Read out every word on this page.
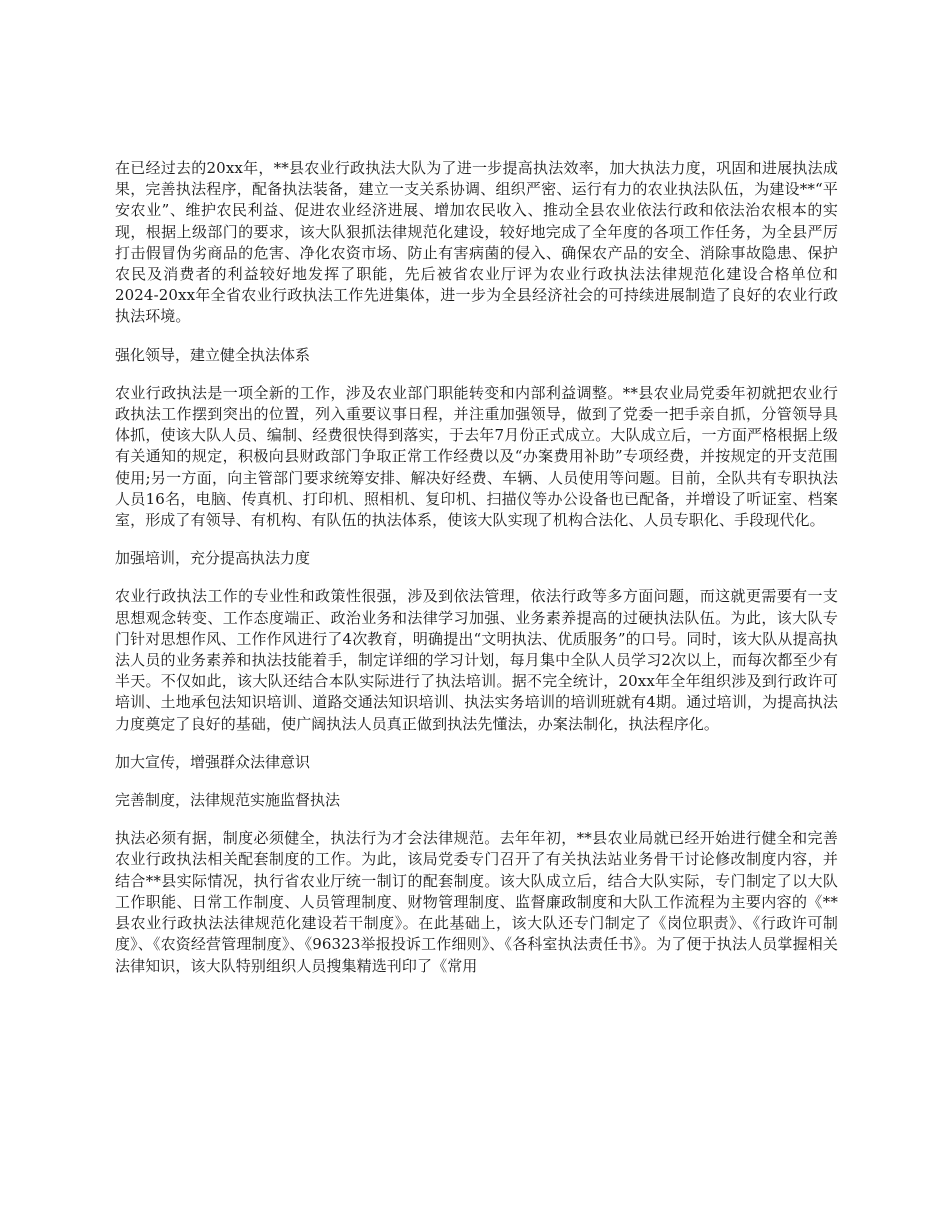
在已经过去的20xx年，**县农业行政执法大队为了进一步提高执法效率，加大执法力度，巩固和进展执法成果，完善执法程序，配备执法装备，建立一支关系协调、组织严密、运行有力的农业执法队伍，为建设**“平安农业”、维护农民利益、促进农业经济进展、增加农民收入、推动全县农业依法行政和依法治农根本的实现，根据上级部门的要求，该大队狠抓法律规范化建设，较好地完成了全年度的各项工作任务，为全县严厉打击假冒伪劣商品的危害、净化农资市场、防止有害病菌的侵入、确保农产品的安全、消除事故隐患、保护农民及消费者的利益较好地发挥了职能，先后被省农业厅评为农业行政执法法律规范化建设合格单位和2024-20xx年全省农业行政执法工作先进集体，进一步为全县经济社会的可持续进展制造了良好的农业行政执法环境。

强化领导，建立健全执法体系

农业行政执法是一项全新的工作，涉及农业部门职能转变和内部利益调整。**县农业局党委年初就把农业行政执法工作摆到突出的位置，列入重要议事日程，并注重加强领导，做到了党委一把手亲自抓，分管领导具体抓，使该大队人员、编制、经费很快得到落实，于去年7月份正式成立。大队成立后，一方面严格根据上级有关通知的规定，积极向县财政部门争取正常工作经费以及“办案费用补助”专项经费，并按规定的开支范围使用;另一方面，向主管部门要求统筹安排、解决好经费、车辆、人员使用等问题。目前，全队共有专职执法人员16名，电脑、传真机、打印机、照相机、复印机、扫描仪等办公设备也已配备，并增设了听证室、档案室，形成了有领导、有机构、有队伍的执法体系，使该大队实现了机构合法化、人员专职化、手段现代化。

加强培训，充分提高执法力度

农业行政执法工作的专业性和政策性很强，涉及到依法管理，依法行政等多方面问题，而这就更需要有一支思想观念转变、工作态度端正、政治业务和法律学习加强、业务素养提高的过硬执法队伍。为此，该大队专门针对思想作风、工作作风进行了4次教育，明确提出“文明执法、优质服务”的口号。同时，该大队从提高执法人员的业务素养和执法技能着手，制定详细的学习计划，每月集中全队人员学习2次以上，而每次都至少有半天。不仅如此，该大队还结合本队实际进行了执法培训。据不完全统计，20xx年全年组织涉及到行政许可培训、土地承包法知识培训、道路交通法知识培训、执法实务培训的培训班就有4期。通过培训，为提高执法力度奠定了良好的基础，使广阔执法人员真正做到执法先懂法，办案法制化，执法程序化。

加大宣传，增强群众法律意识

完善制度，法律规范实施监督执法

执法必须有据，制度必须健全，执法行为才会法律规范。去年年初，**县农业局就已经开始进行健全和完善农业行政执法相关配套制度的工作。为此，该局党委专门召开了有关执法站业务骨干讨论修改制度内容，并结合**县实际情况，执行省农业厅统一制订的配套制度。该大队成立后，结合大队实际，专门制定了以大队工作职能、日常工作制度、人员管理制度、财物管理制度、监督廉政制度和大队工作流程为主要内容的《**县农业行政执法法律规范化建设若干制度》。在此基础上，该大队还专门制定了《岗位职责》、《行政许可制度》、《农资经营管理制度》、《96323举报投诉工作细则》、《各科室执法责任书》。为了便于执法人员掌握相关法律知识，该大队特别组织人员搜集精选刊印了《常用
